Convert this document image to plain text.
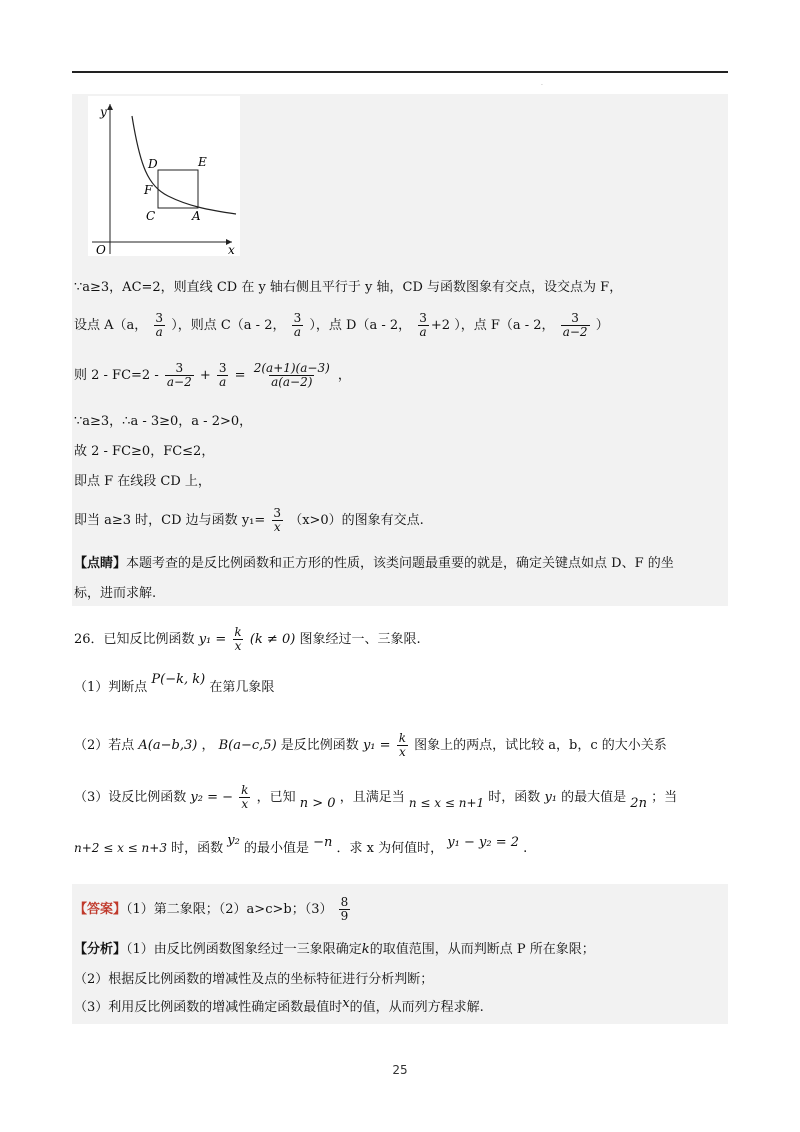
.
y
x
O
D	E
F
C	A
∵a≥3，AC=2，则直线 CD 在 y 轴右侧且平行于 y 轴，CD 与函数图象有交点，设交点为 F，
设点 A（a， $\frac{3}{a}$ ），则点 C（a - 2， $\frac{3}{a}$ ），点 D（a - 2， $\frac{3}{a} +2$ ），点 F（a - 2， $\frac{3}{a-2}$ ）
则 $2 - FC=2 - \frac{3}{a-2} + \frac{3}{a} = \frac{2(a+1)(a-3)}{a(a-2)}$ ，
∵a≥3，∴a - 3≥0，a - 2>0，
故 2 - FC≥0，FC≤2，
即点 F 在线段 CD 上，
即当 a≥3 时，CD 边与函数 $y_1= \frac{3}{x} (x>0)$的图象有交点.
【点睛】本题考查的是反比例函数和正方形的性质，该类问题最重要的就是，确定关键点如点 D、F 的坐
标，进而求解.
26．已知反比例函数 $y_1 = \frac{k}{x} (k \ne 0)$ 图象经过一、三象限.
（1）判断点 P(−k, k) 在第几象限
（2）若点 A(a−b,3) ， B(a−c,5) 是反比例函数 $y_1 = \frac{k}{x}$ 图象上的两点，试比较 a，b，c 的大小关系
（3）设反比例函数 y₂ = − $\frac{k}{x}$ ，已知 n > 0 ，且满足当 n ≤ x ≤ n+1 时，函数 y₁ 的最大值是 2n ；当
n+2 ≤ x ≤ n+3 时，函数 y₂ 的最小值是 −n ．求 x 为何值时， y₁ − y₂ = 2 .
【答案】（1）第二象限；（2）a>c>b；$(3) \frac{8}{9}$
【分析】（1）由反比例函数图象经过一三象限确定k的取值范围，从而判断点 P 所在象限；
（2）根据反比例函数的增减性及点的坐标特征进行分析判断；
（3）利用反比例函数的增减性确定函数最值时x的值，从而列方程求解.
25
